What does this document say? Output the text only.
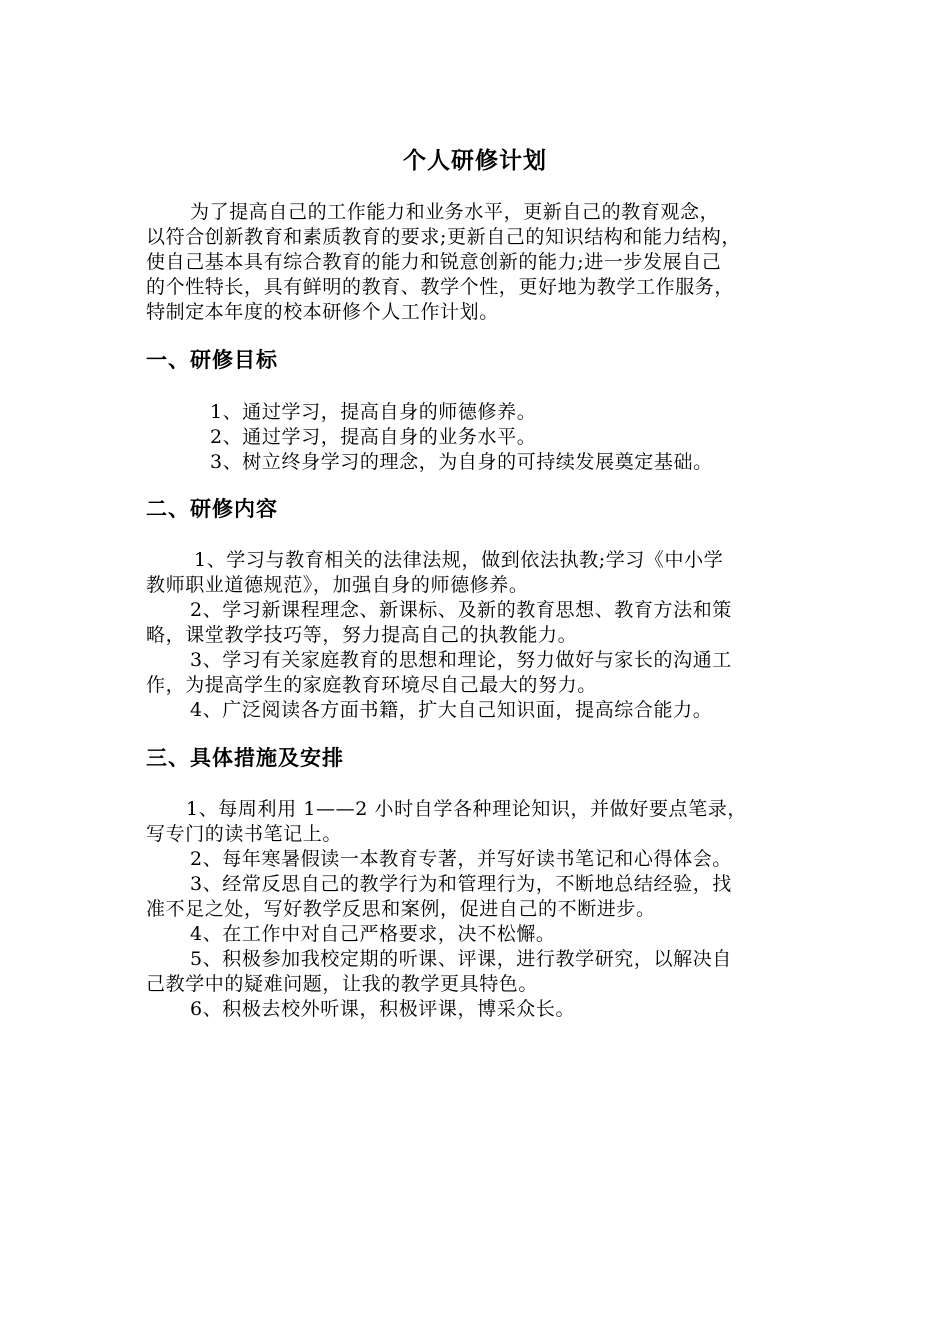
个人研修计划
为了提高自己的工作能力和业务水平，更新自己的教育观念，
以符合创新教育和素质教育的要求;更新自己的知识结构和能力结构，
使自己基本具有综合教育的能力和锐意创新的能力;进一步发展自己
的个性特长，具有鲜明的教育、教学个性，更好地为教学工作服务，
特制定本年度的校本研修个人工作计划。
一、研修目标
1、通过学习，提高自身的师德修养。
2、通过学习，提高自身的业务水平。
3、树立终身学习的理念，为自身的可持续发展奠定基础。
二、研修内容
1、学习与教育相关的法律法规，做到依法执教;学习《中小学
教师职业道德规范》，加强自身的师德修养。
2、学习新课程理念、新课标、及新的教育思想、教育方法和策
略，课堂教学技巧等，努力提高自己的执教能力。
3、学习有关家庭教育的思想和理论，努力做好与家长的沟通工
作，为提高学生的家庭教育环境尽自己最大的努力。
4、广泛阅读各方面书籍，扩大自己知识面，提高综合能力。
三、具体措施及安排
1、每周利用 1——2 小时自学各种理论知识，并做好要点笔录，
写专门的读书笔记上。
2、每年寒暑假读一本教育专著，并写好读书笔记和心得体会。
3、经常反思自己的教学行为和管理行为，不断地总结经验，找
准不足之处，写好教学反思和案例，促进自己的不断进步。
4、在工作中对自己严格要求，决不松懈。
5、积极参加我校定期的听课、评课，进行教学研究，以解决自
己教学中的疑难问题，让我的教学更具特色。
6、积极去校外听课，积极评课，博采众长。
